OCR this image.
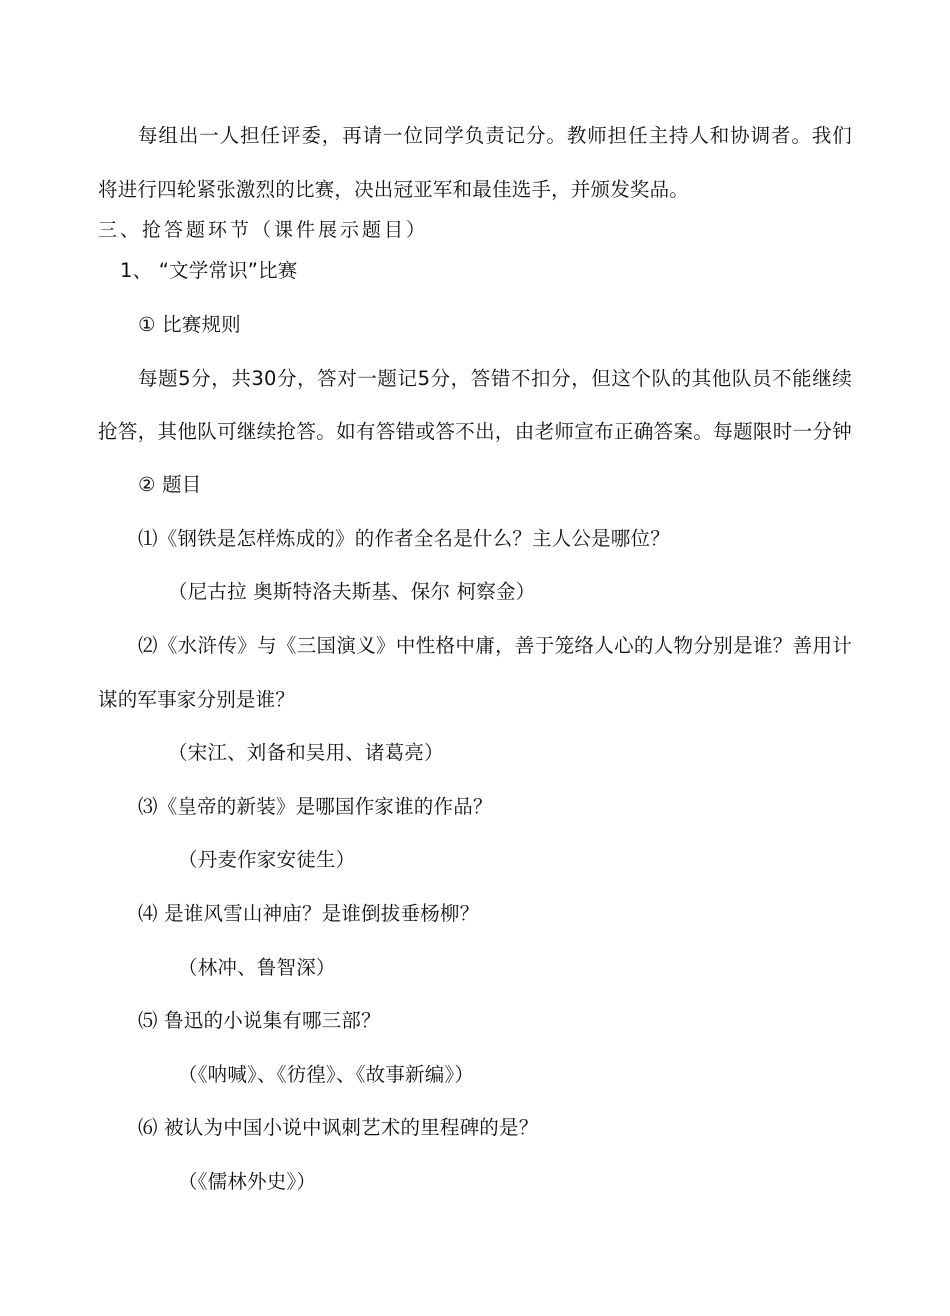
每组出一人担任评委，再请一位同学负责记分。教师担任主持人和协调者。我们
将进行四轮紧张激烈的比赛，决出冠亚军和最佳选手，并颁发奖品。
三、抢答题环节（课件展示题目）
1、 “文学常识”比赛
① 比赛规则
每题5分，共30分，答对一题记5分，答错不扣分，但这个队的其他队员不能继续
抢答，其他队可继续抢答。如有答错或答不出，由老师宣布正确答案。每题限时一分钟
② 题目
⑴《钢铁是怎样炼成的》的作者全名是什么？主人公是哪位？
（尼古拉 奥斯特洛夫斯基、保尔 柯察金）
⑵《水浒传》与《三国演义》中性格中庸，善于笼络人心的人物分别是谁？善用计
谋的军事家分别是谁？
（宋江、刘备和吴用、诸葛亮）
⑶《皇帝的新装》是哪国作家谁的作品？
（丹麦作家安徒生）
⑷ 是谁风雪山神庙？是谁倒拔垂杨柳？
（林冲、鲁智深）
⑸ 鲁迅的小说集有哪三部？
（《呐喊》、《彷徨》、《故事新编》）
⑹ 被认为中国小说中讽刺艺术的里程碑的是？
（《儒林外史》）
